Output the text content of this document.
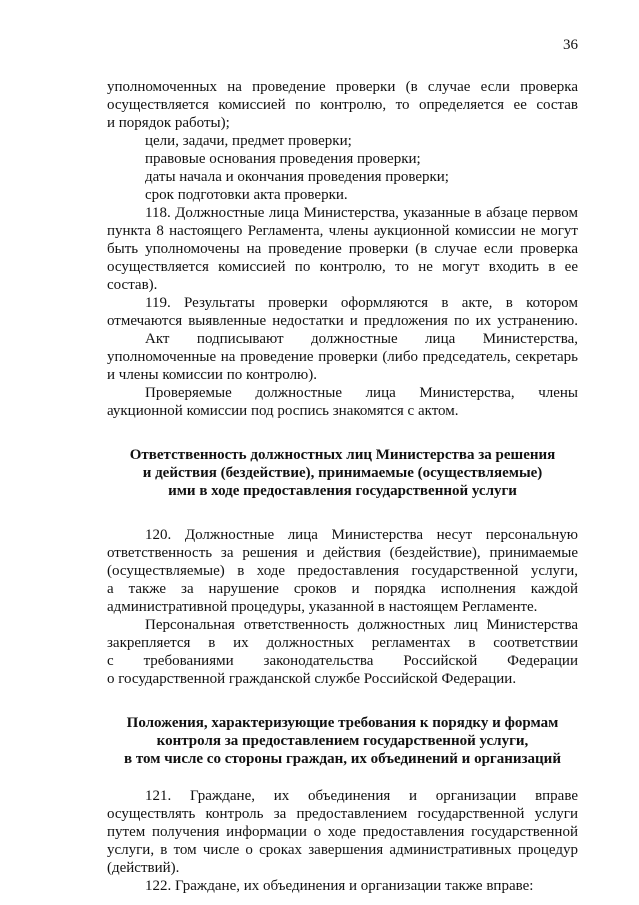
36
уполномоченных на проведение проверки (в случае если проверка
осуществляется комиссией по контролю, то определяется ее состав
и порядок работы);
цели, задачи, предмет проверки;
правовые основания проведения проверки;
даты начала и окончания проведения проверки;
срок подготовки акта проверки.
118. Должностные лица Министерства, указанные в абзаце первом
пункта 8 настоящего Регламента, члены аукционной комиссии не могут
быть уполномочены на проведение проверки (в случае если проверка
осуществляется комиссией по контролю, то не могут входить в ее
состав).
119. Результаты проверки оформляются в акте, в котором
отмечаются выявленные недостатки и предложения по их устранению.
Акт подписывают должностные лица Министерства,
уполномоченные на проведение проверки (либо председатель, секретарь
и члены комиссии по контролю).
Проверяемые должностные лица Министерства, члены
аукционной комиссии под роспись знакомятся с актом.
Ответственность должностных лиц Министерства за решения
и действия (бездействие), принимаемые (осуществляемые)
ими в ходе предоставления государственной услуги
120. Должностные лица Министерства несут персональную
ответственность за решения и действия (бездействие), принимаемые
(осуществляемые) в ходе предоставления государственной услуги,
а также за нарушение сроков и порядка исполнения каждой
административной процедуры, указанной в настоящем Регламенте.
Персональная ответственность должностных лиц Министерства
закрепляется в их должностных регламентах в соответствии
с требованиями законодательства Российской Федерации
о государственной гражданской службе Российской Федерации.
Положения, характеризующие требования к порядку и формам
контроля за предоставлением государственной услуги,
в том числе со стороны граждан, их объединений и организаций
121. Граждане, их объединения и организации вправе
осуществлять контроль за предоставлением государственной услуги
путем получения информации о ходе предоставления государственной
услуги, в том числе о сроках завершения административных процедур
(действий).
122. Граждане, их объединения и организации также вправе:
